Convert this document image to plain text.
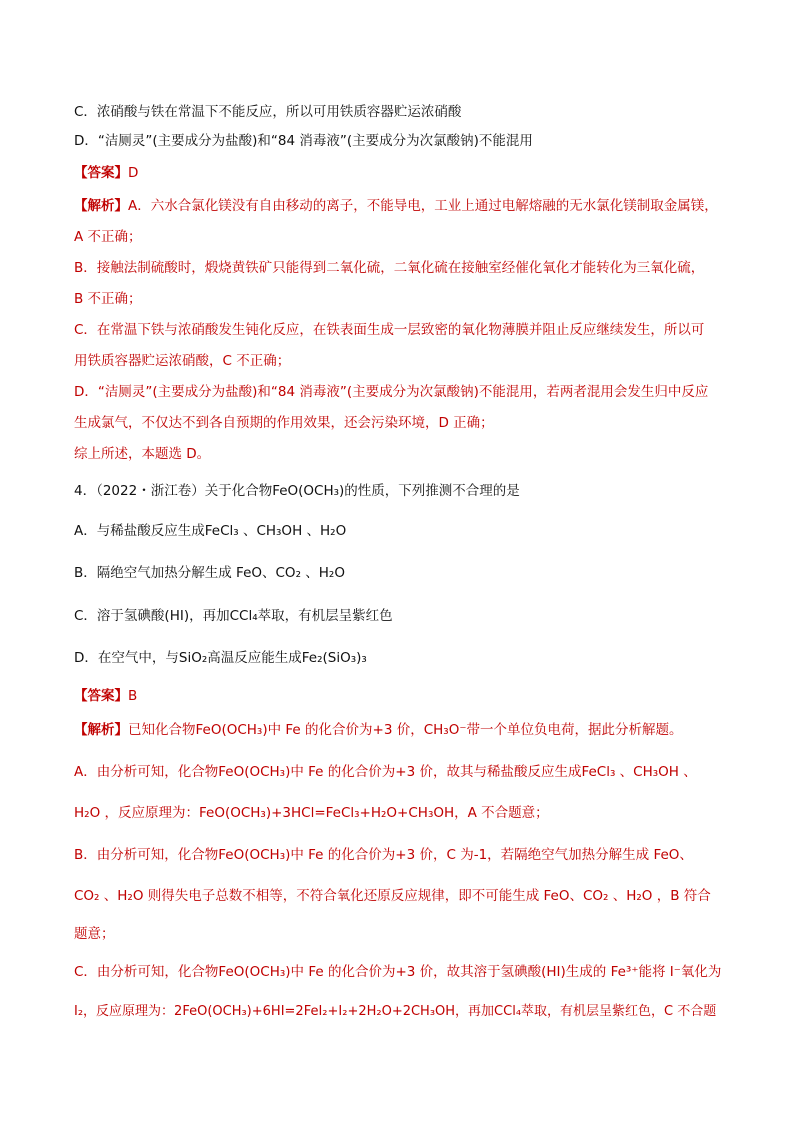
C．浓硝酸与铁在常温下不能反应，所以可用铁质容器贮运浓硝酸
D．“洁厕灵”(主要成分为盐酸)和“84 消毒液”(主要成分为次氯酸钠)不能混用
【答案】D
【解析】A．六水合氯化镁没有自由移动的离子，不能导电，工业上通过电解熔融的无水氯化镁制取金属镁，
A 不正确；
B．接触法制硫酸时，煅烧黄铁矿只能得到二氧化硫，二氧化硫在接触室经催化氧化才能转化为三氧化硫，
B 不正确；
C．在常温下铁与浓硝酸发生钝化反应，在铁表面生成一层致密的氧化物薄膜并阻止反应继续发生，所以可
用铁质容器贮运浓硝酸，C 不正确；
D．“洁厕灵”(主要成分为盐酸)和“84 消毒液”(主要成分为次氯酸钠)不能混用，若两者混用会发生归中反应
生成氯气，不仅达不到各自预期的作用效果，还会污染环境，D 正确；
综上所述，本题选 D。
4．（2022・浙江卷）关于化合物FeO(OCH₃)的性质，下列推测不合理的是
A．与稀盐酸反应生成FeCl₃ 、CH₃OH 、H₂O
B．隔绝空气加热分解生成 FeO、CO₂ 、H₂O
C．溶于氢碘酸(HI)，再加CCl₄萃取，有机层呈紫红色
D．在空气中，与SiO₂高温反应能生成Fe₂(SiO₃)₃
【答案】B
【解析】已知化合物FeO(OCH₃)中 Fe 的化合价为+3 价，CH₃O⁻带一个单位负电荷，据此分析解题。
A．由分析可知，化合物FeO(OCH₃)中 Fe 的化合价为+3 价，故其与稀盐酸反应生成FeCl₃ 、CH₃OH 、
H₂O ，反应原理为：FeO(OCH₃)+3HCl=FeCl₃+H₂O+CH₃OH，A 不合题意；
B．由分析可知，化合物FeO(OCH₃)中 Fe 的化合价为+3 价，C 为-1，若隔绝空气加热分解生成 FeO、
CO₂ 、H₂O 则得失电子总数不相等，不符合氧化还原反应规律，即不可能生成 FeO、CO₂ 、H₂O ，B 符合
题意；
C．由分析可知，化合物FeO(OCH₃)中 Fe 的化合价为+3 价，故其溶于氢碘酸(HI)生成的 Fe³⁺能将 I⁻氧化为
I₂，反应原理为：2FeO(OCH₃)+6HI=2FeI₂+I₂+2H₂O+2CH₃OH，再加CCl₄萃取，有机层呈紫红色，C 不合题
